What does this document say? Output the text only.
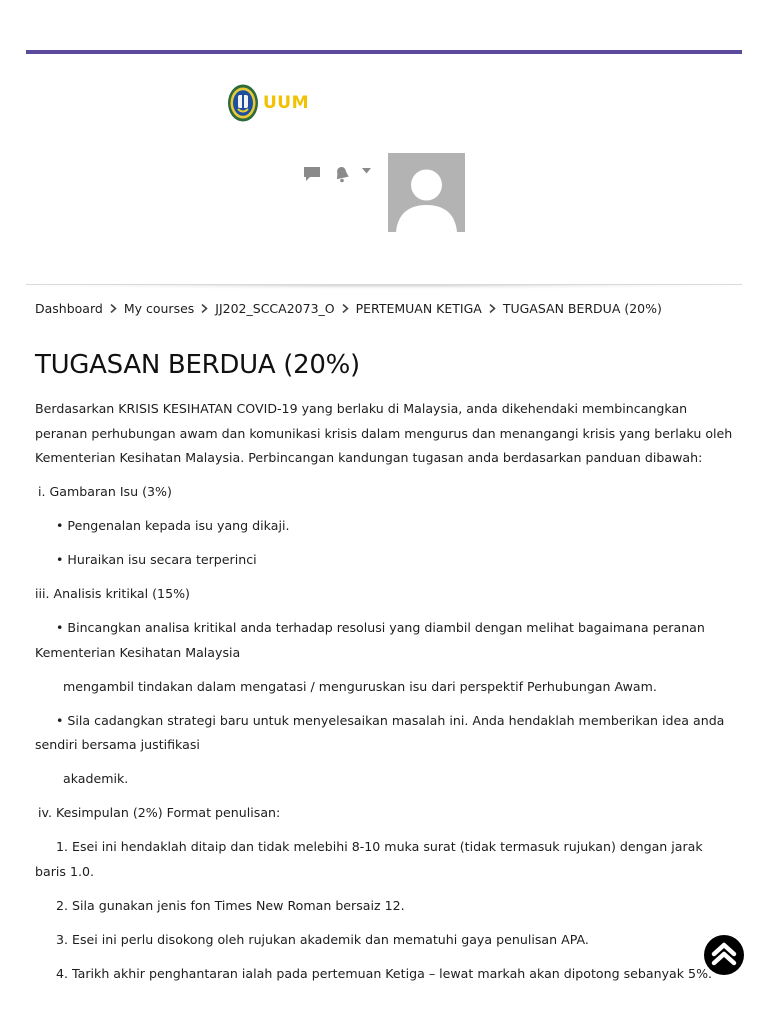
UUM
Dashboard My courses JJ202_SCCA2073_O PERTEMUAN KETIGA TUGASAN BERDUA (20%)
TUGASAN BERDUA (20%)

Berdasarkan KRISIS KESIHATAN COVID-19 yang berlaku di Malaysia, anda dikehendaki membincangkan peranan perhubungan awam dan komunikasi krisis dalam mengurus dan menangangi krisis yang berlaku oleh Kementerian Kesihatan Malaysia. Perbincangan kandungan tugasan anda berdasarkan panduan dibawah:

i. Gambaran Isu (3%)

• Pengenalan kepada isu yang dikaji.

• Huraikan isu secara terperinci

iii. Analisis kritikal (15%)

• Bincangkan analisa kritikal anda terhadap resolusi yang diambil dengan melihat bagaimana peranan Kementerian Kesihatan Malaysia

mengambil tindakan dalam mengatasi / menguruskan isu dari perspektif Perhubungan Awam.

• Sila cadangkan strategi baru untuk menyelesaikan masalah ini. Anda hendaklah memberikan idea anda sendiri bersama justifikasi

akademik.

iv. Kesimpulan (2%) Format penulisan:

1. Esei ini hendaklah ditaip dan tidak melebihi 8-10 muka surat (tidak termasuk rujukan) dengan jarak baris 1.0.

2. Sila gunakan jenis fon Times New Roman bersaiz 12.

3. Esei ini perlu disokong oleh rujukan akademik dan mematuhi gaya penulisan APA.

4. Tarikh akhir penghantaran ialah pada pertemuan Ketiga – lewat markah akan dipotong sebanyak 5%.
